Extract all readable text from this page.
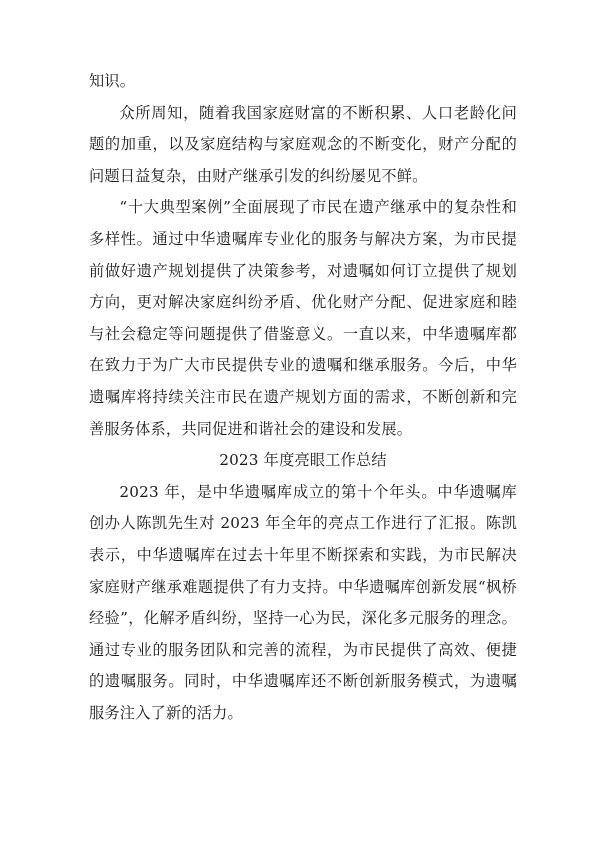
知识。

众所周知，随着我国家庭财富的不断积累、人口老龄化问题的加重，以及家庭结构与家庭观念的不断变化，财产分配的问题日益复杂，由财产继承引发的纠纷屡见不鲜。

“十大典型案例”全面展现了市民在遗产继承中的复杂性和多样性。通过中华遗嘱库专业化的服务与解决方案，为市民提前做好遗产规划提供了决策参考，对遗嘱如何订立提供了规划方向，更对解决家庭纠纷矛盾、优化财产分配、促进家庭和睦与社会稳定等问题提供了借鉴意义。一直以来，中华遗嘱库都在致力于为广大市民提供专业的遗嘱和继承服务。今后，中华遗嘱库将持续关注市民在遗产规划方面的需求，不断创新和完善服务体系，共同促进和谐社会的建设和发展。

2023 年度亮眼工作总结

2023 年，是中华遗嘱库成立的第十个年头。中华遗嘱库创办人陈凯先生对 2023 年全年的亮点工作进行了汇报。陈凯表示，中华遗嘱库在过去十年里不断探索和实践，为市民解决家庭财产继承难题提供了有力支持。中华遗嘱库创新发展“枫桥经验”，化解矛盾纠纷，坚持一心为民，深化多元服务的理念。通过专业的服务团队和完善的流程，为市民提供了高效、便捷的遗嘱服务。同时，中华遗嘱库还不断创新服务模式，为遗嘱服务注入了新的活力。
